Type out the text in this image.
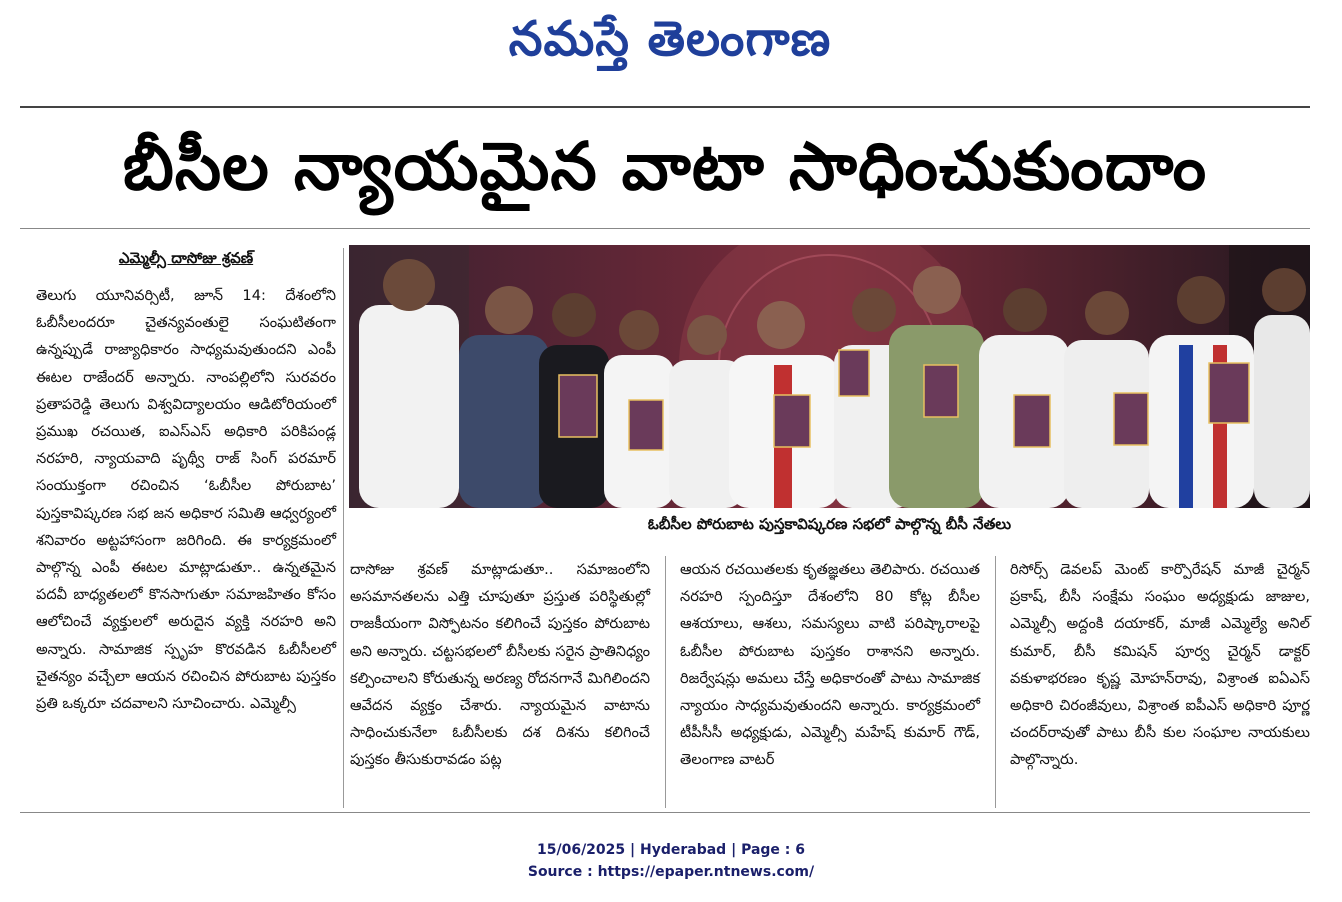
నమస్తే తెలంగాణ
బీసీల న్యాయమైన వాటా సాధించుకుందాం
ఎమ్మెల్సీ దాసోజు శ్రవణ్

తెలుగు యూనివర్సిటీ, జూన్ 14: దేశంలోని ఓబీసీలందరూ చైతన్యవంతులై సంఘటితంగా ఉన్నప్పుడే రాజ్యాధికారం సాధ్యమవుతుందని ఎంపీ ఈటల రాజేందర్ అన్నారు. నాంపల్లిలోని సురవరం ప్రతాపరెడ్డి తెలుగు విశ్వవిద్యాలయం ఆడిటోరియంలో ప్రముఖ రచయిత, ఐఎస్ఎస్ అధికారి పరికిపండ్ల నరహరి, న్యాయవాది పృథ్వీ రాజ్ సింగ్ పరమార్ సంయుక్తంగా రచించిన ‘ఓబీసీల పోరుబాట’ పుస్తకావిష్కరణ సభ జన అధికార సమితి ఆధ్వర్యంలో శనివారం అట్టహాసంగా జరిగింది. ఈ కార్యక్రమంలో పాల్గొన్న ఎంపీ ఈటల మాట్లాడుతూ.. ఉన్నతమైన పదవీ బాధ్యతలలో కొనసాగుతూ సమాజహితం కోసం ఆలోచించే వ్యక్తులలో అరుదైన వ్యక్తి నరహరి అని అన్నారు. సామాజిక స్పృహ కొరవడిన ఓబీసీలలో చైతన్యం వచ్చేలా ఆయన రచించిన పోరుబాట పుస్తకం ప్రతి ఒక్కరూ చదవాలని సూచించారు. ఎమ్మెల్సీ

ఓబీసీల పోరుబాట పుస్తకావిష్కరణ సభలో పాల్గొన్న బీసీ నేతలు

దాసోజు శ్రవణ్ మాట్లాడుతూ.. సమాజంలోని అసమానతలను ఎత్తి చూపుతూ ప్రస్తుత పరిస్థితుల్లో రాజకీయంగా విస్ఫోటనం కలిగించే పుస్తకం పోరుబాట అని అన్నారు. చట్టసభలలో బీసీలకు సరైన ప్రాతినిధ్యం కల్పించాలని కోరుతున్న అరణ్య రోదనగానే మిగిలిందని ఆవేదన వ్యక్తం చేశారు. న్యాయమైన వాటాను సాధించుకునేలా ఓబీసీలకు దశ దిశను కలిగించే పుస్తకం తీసుకురావడం పట్ల

ఆయన రచయితలకు కృతజ్ఞతలు తెలిపారు. రచయిత నరహరి స్పందిస్తూ దేశంలోని 80 కోట్ల బీసీల ఆశయాలు, ఆశలు, సమస్యలు వాటి పరిష్కారాలపై ఓబీసీల పోరుబాట పుస్తకం రాశానని అన్నారు. రిజర్వేషన్లు అమలు చేస్తే అధికారంతో పాటు సామాజిక న్యాయం సాధ్యమవుతుందని అన్నారు. కార్యక్రమంలో టీపీసీసీ అధ్యక్షుడు, ఎమ్మెల్సీ మహేష్ కుమార్ గౌడ్, తెలంగాణ వాటర్

రిసోర్స్ డెవలప్ మెంట్ కార్పొరేషన్ మాజీ చైర్మన్ ప్రకాష్, బీసీ సంక్షేమ సంఘం అధ్యక్షుడు జాజుల, ఎమ్మెల్సీ అద్దంకి దయాకర్, మాజీ ఎమ్మెల్యే అనిల్ కుమార్, బీసీ కమిషన్ పూర్వ చైర్మన్ డాక్టర్ వకుళాభరణం కృష్ణ మోహన్‌రావు, విశ్రాంత ఐఏఎస్ అధికారి చిరంజీవులు, విశ్రాంత ఐపీఎస్ అధికారి పూర్ణ చందర్‌రావుతో పాటు బీసీ కుల సంఘాల నాయకులు పాల్గొన్నారు.

15/06/2025 | Hyderabad | Page : 6
Source : https://epaper.ntnews.com/
